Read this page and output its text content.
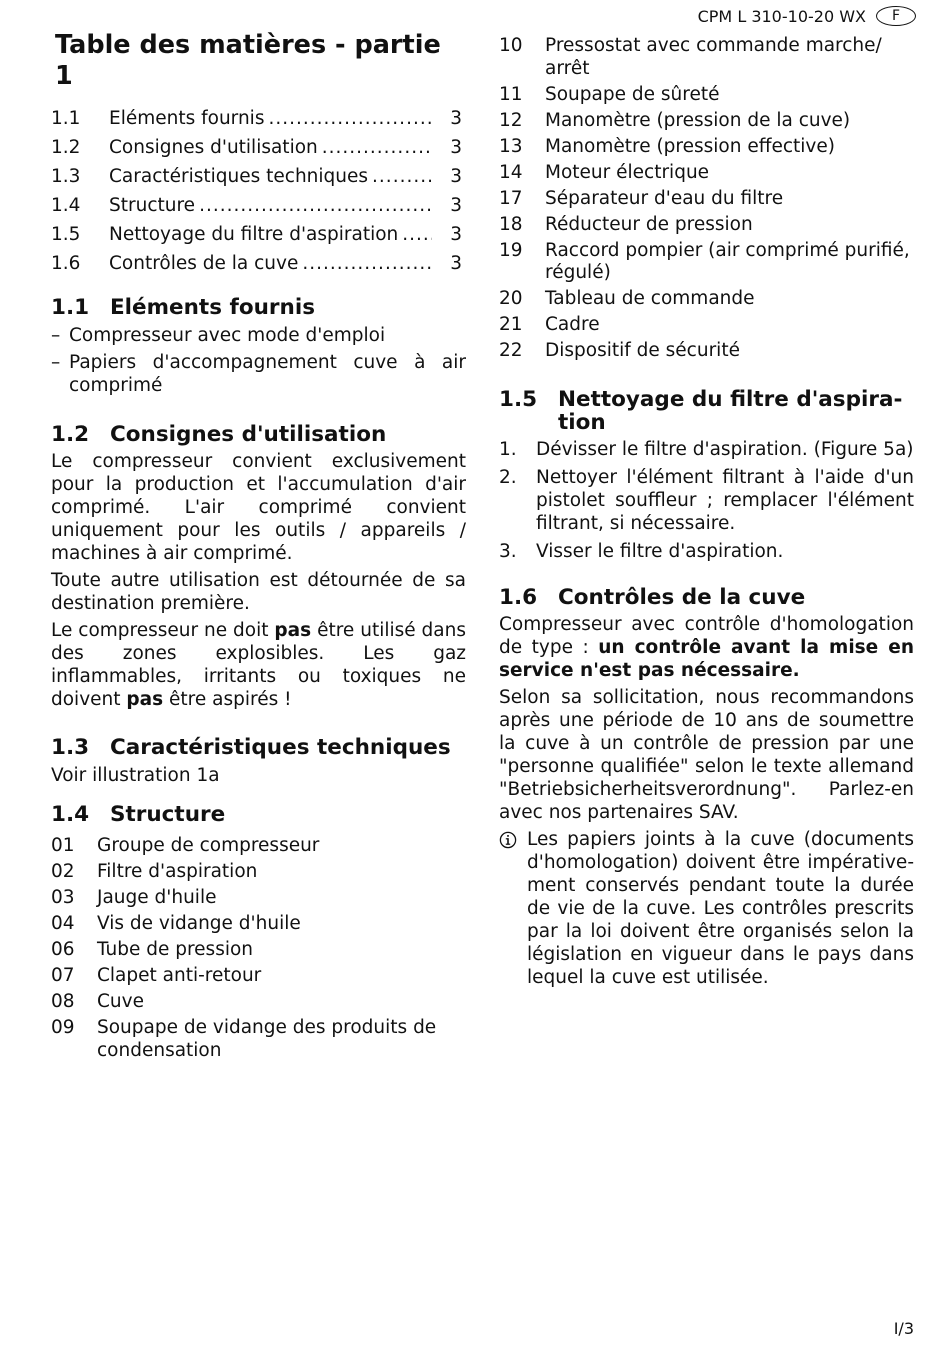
CPM L 310-10-20 WX	F
Table des matières - partie 1
1.1	Eléments fournis .....	3
1.2	Consignes d'utilisation .....	3
1.3	Caractéristiques techniques .....	3
1.4	Structure .....	3
1.5	Nettoyage du filtre d'aspiration .....	3
1.6	Contrôles de la cuve .....	3
1.1 Eléments fournis
– Compresseur avec mode d'emploi
– Papiers d'accompagnement cuve à air comprimé
1.2 Consignes d'utilisation

Le compresseur convient exclusivement pour la production et l'accumulation d'air comprimé. L'air comprimé convient uniquement pour les outils / appareils / machines à air comprimé.

Toute autre utilisation est détournée de sa destination première.

Le compresseur ne doit pas être utilisé dans des zones explosibles. Les gaz inflammables, irritants ou toxiques ne doivent pas être aspirés !

1.3 Caractéristiques techniques

Voir illustration 1a

1.4 Structure
01	Groupe de compresseur
02	Filtre d'aspiration
03	Jauge d'huile
04	Vis de vidange d'huile
06	Tube de pression
07	Clapet anti-retour
08	Cuve
09	Soupape de vidange des produits de condensation
10	Pressostat avec commande marche/ arrêt
11	Soupape de sûreté
12	Manomètre (pression de la cuve)
13	Manomètre (pression effective)
14	Moteur électrique
17	Séparateur d'eau du filtre
18	Réducteur de pression
19	Raccord pompier (air comprimé purifié, régulé)
20	Tableau de commande
21	Cadre
22	Dispositif de sécurité
1.5 Nettoyage du filtre d'aspira-
tion
1.	Dévisser le filtre d'aspiration. (Figure 5a)
2.	Nettoyer l'élément filtrant à l'aide d'un pistolet souffleur ; remplacer l'élément filtrant, si nécessaire.
3.	Visser le filtre d'aspiration.
1.6 Contrôles de la cuve

Compresseur avec contrôle d'homologation de type : un contrôle avant la mise en service n'est pas nécessaire.

Selon sa sollicitation, nous recommandons après une période de 10 ans de soumettre la cuve à un contrôle de pression par une "personne qualifiée" selon le texte allemand "Betriebsicherheitsverordnung". Parlez-en avec nos partenaires SAV.

Les papiers joints à la cuve (documents d'homologation) doivent être impérativement conservés pendant toute la durée de vie de la cuve. Les contrôles prescrits par la loi doivent être organisés selon la législation en vigueur dans le pays dans lequel la cuve est utilisée.
I/3
